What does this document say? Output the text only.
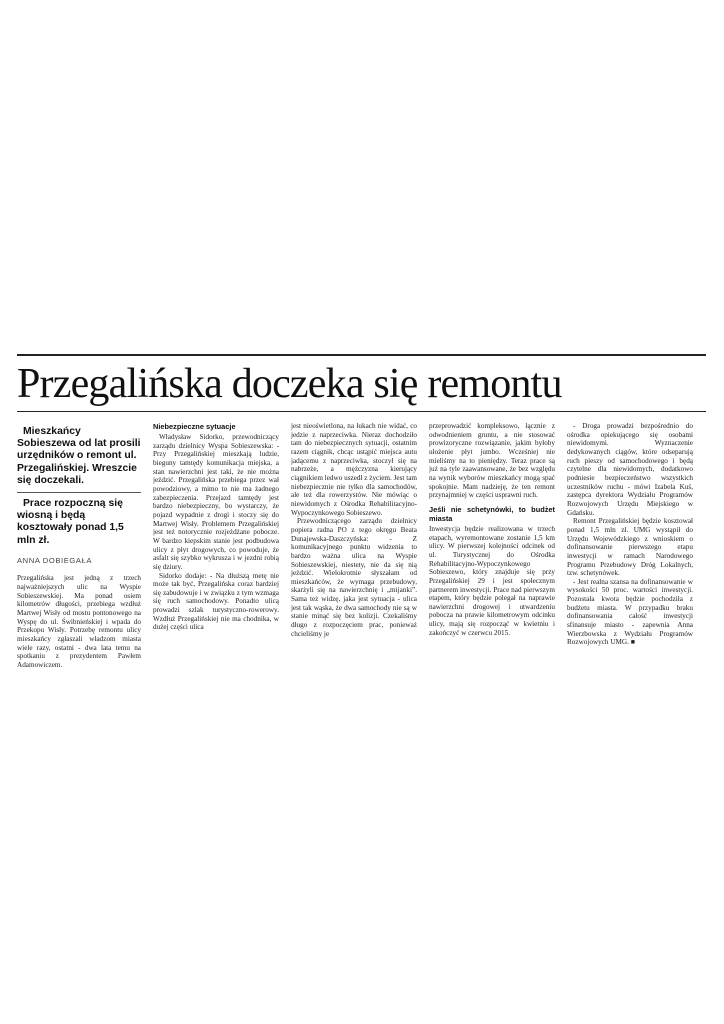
Przegalińska doczeka się remontu

Mieszkańcy Sobieszewa od lat prosili urzędników o remont ul. Przegalińskiej. Wreszcie się doczekali.

Prace rozpoczną się wiosną i będą kosztowały ponad 1,5 mln zł.

ANNA DOBIEGAŁA

Przegalińska jest jedną z trzech najważniejszych ulic na Wyspie Sobieszewskiej. Ma ponad osiem kilometrów długości, przebiega wzdłuż Martwej Wisły od mostu pontonowego na Wyspę do ul. Świbnieńskiej i wpada do Przekopu Wisły. Potrzebę remontu ulicy mieszkańcy zgłaszali władzom miasta wiele razy, ostatni - dwa lata temu na spotkaniu z prezydentem Pawłem Adamowiczem.

Niebezpieczne sytuacje

Władysław Sidorko, przewodniczący zarządu dzielnicy Wyspa Sobieszewska: - Przy Przegalińskiej mieszkają ludzie, bieguny tamtędy komunikacja miejska, a stan nawierzchni jest taki, że nie można jeździć. Przegalińska przebiega przez wał powodziowy, a mimo to nie ma żadnego zabezpieczenia. Przejazd tamtędy jest bardzo niebezpieczny, bo wystarczy, że pojazd wypadnie z drogi i stoczy się do Martwej Wisły. Problemem Przegalińskiej jest też notorycznie rozjeżdżane pobocze. W bardzo kiepskim stanie jest podbudowa ulicy z płyt drogowych, co powoduje, że asfalt się szybko wykrusza i w jezdni robią się dziury.

Sidorko dodaje: - Na dłuższą metę nie może tak być, Przegalińska coraz bardziej się zabudowuje i w związku z tym wzmaga się ruch samochodowy. Ponadto ulicą prowadzi szlak turystyczno-rowerowy. Wzdłuż Przegalińskiej nie ma chodnika, w dużej części ulica

jest nieoświetlona, na łukach nie widać, co jedzie z naprzeciwka. Nieraz dochodziło tam do niebezpiecznych sytuacji, ostatnim razem ciągnik, chcąc ustąpić miejsca autu jadącemu z naprzeciwka, stoczył się na nabrzeże, a mężczyzna kierujący ciągnikiem ledwo uszedł z życiem. Jest tam niebezpiecznie nie tylko dla samochodów, ale też dla rowerzystów. Nie mówiąc o niewidomych z Ośrodka Rehabilitacyjno-Wypoczynkowego Sobieszewo.

Przewodniczącego zarządu dzielnicy popiera radna PO z tego okręgu Beata Dunajewska-Daszczyńska: - Z komunikacyjnego punktu widzenia to bardzo ważna ulica na Wyspie Sobieszewskiej, niestety, nie da się nią jeździć. Wielokrotnie słyszałam od mieszkańców, że wymaga przebudowy, skarżyli się na nawierzchnię i „mijanki”. Sama też widzę, jaka jest sytuacja - ulica jest tak wąska, że dwa samochody nie są w stanie minąć się bez kolizji. Czekaliśmy długo z rozpoczęciem prac, ponieważ chcieliśmy je

przeprowadzić kompleksowo, łącznie z odwodnieniem gruntu, a nie stosować prowizoryczne rozwiązanie, jakim byłoby ułożenie płyt jumbo. Wcześniej nie mieliśmy na to pieniędzy. Teraz prace są już na tyle zaawansowane, że bez względu na wynik wyborów mieszkańcy mogą spać spokojnie. Mam nadzieję, że ten remont przynajmniej w części usprawni ruch.

Jeśli nie schetynówki, to budżet miasta

Inwestycja będzie realizowana w trzech etapach, wyremontowane zostanie 1,5 km ulicy. W pierwszej kolejności odcinek od ul. Turystycznej do Ośrodka Rehabilitacyjno-Wypoczynkowego Sobieszewo, który znajduje się przy Przegalińskiej 29 i jest społecznym partnerem inwestycji. Prace nad pierwszym etapem, który będzie polegał na naprawie nawierzchni drogowej i utwardzeniu pobocza na prawie kilometrowym odcinku ulicy, mają się rozpocząć w kwietniu i zakończyć w czerwcu 2015.

- Droga prowadzi bezpośrednio do ośrodka opiekującego się osobami niewidomymi. Wyznaczenie dedykowanych ciągów, które odseparują ruch pieszy od samochodowego i będą czytelne dla niewidomych, dodatkowo podniesie bezpieczeństwo wszystkich uczestników ruchu - mówi Izabela Kuś, zastępca dyrektora Wydziału Programów Rozwojowych Urzędu Miejskiego w Gdańsku.

Remont Przegalińskiej będzie kosztował ponad 1,5 mln zł. UMG wystąpił do Urzędu Wojewódzkiego z wnioskiem o dofinansowanie pierwszego etapu inwestycji w ramach Narodowego Programu Przebudowy Dróg Lokalnych, tzw. schetynówek.

- Jest realna szansa na dofinansowanie w wysokości 50 proc. wartości inwestycji. Pozostała kwota będzie pochodziła z budżetu miasta. W przypadku braku dofinansowania całość inwestycji sfinansuje miasto - zapewnia Anna Wierzbowska z Wydziału Programów Rozwojowych UMG. ■
